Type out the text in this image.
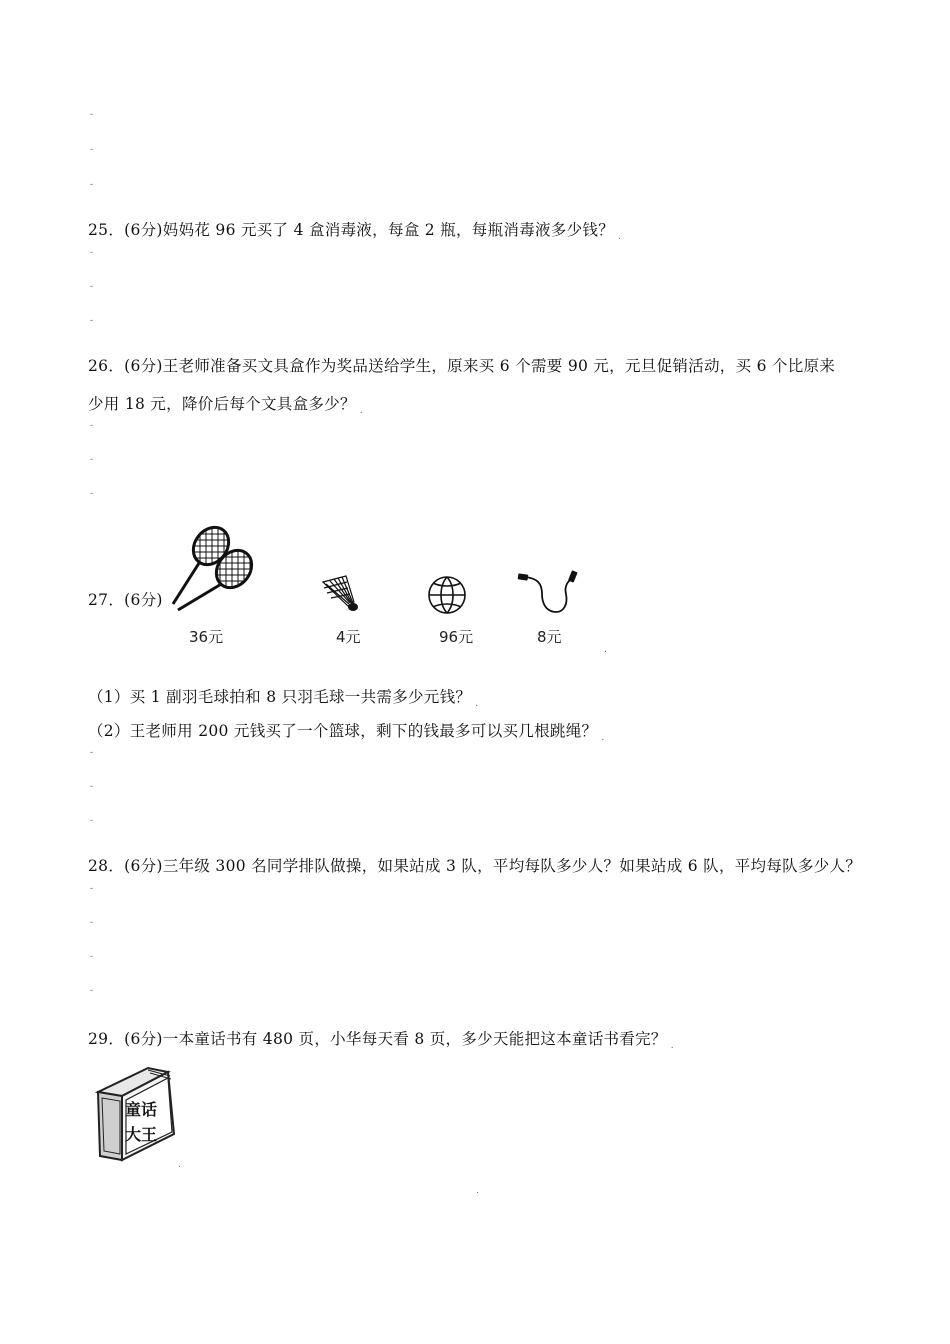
-
-
-
25．(6分)妈妈花 96 元买了 4 盒消毒液，每盒 2 瓶，每瓶消毒液多少钱？ $_.$
-
-
-
26．(6分)王老师准备买文具盒作为奖品送给学生，原来买 6 个需要 90 元，元旦促销活动，买 6 个比原来
少用 18 元，降价后每个文具盒多少？ $_.$
-
-
-
27．(6分)
36元	4元	96元	8元
.
（1）买 1 副羽毛球拍和 8 只羽毛球一共需多少元钱？ $_.$
（2）王老师用 200 元钱买了一个篮球，剩下的钱最多可以买几根跳绳？ $_.$
-
-
-
28．(6分)三年级 300 名同学排队做操，如果站成 3 队，平均每队多少人？如果站成 6 队，平均每队多少人？
-
-
-
-
29．(6分)一本童话书有 480 页，小华每天看 8 页，多少天能把这本童话书看完？ $_.$
童话
大王
.
.
